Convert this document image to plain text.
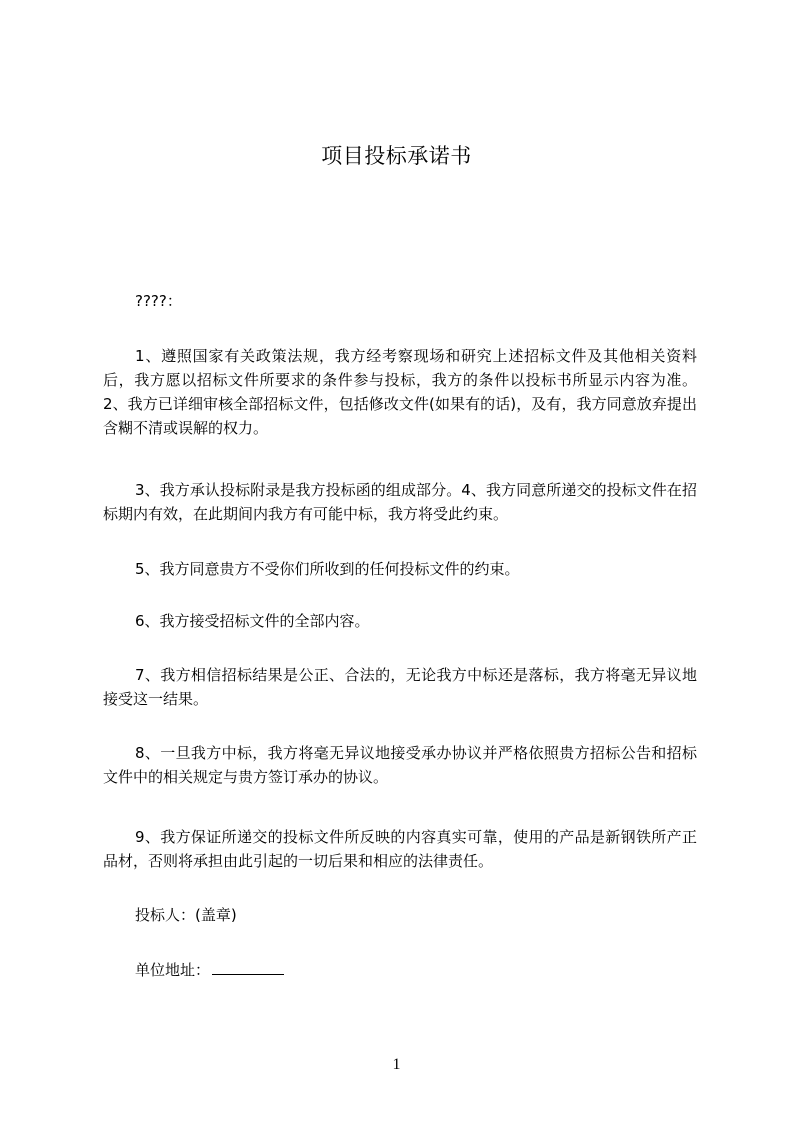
项目投标承诺书
????：
1、遵照国家有关政策法规，我方经考察现场和研究上述招标文件及其他相关资料后，我方愿以招标文件所要求的条件参与投标，我方的条件以投标书所显示内容为准。2、我方已详细审核全部招标文件，包括修改文件(如果有的话)，及有，我方同意放弃提出含糊不清或误解的权力。
3、我方承认投标附录是我方投标函的组成部分。4、我方同意所递交的投标文件在招标期内有效，在此期间内我方有可能中标，我方将受此约束。
5、我方同意贵方不受你们所收到的任何投标文件的约束。
6、我方接受招标文件的全部内容。
7、我方相信招标结果是公正、合法的，无论我方中标还是落标，我方将毫无异议地接受这一结果。
8、一旦我方中标，我方将毫无异议地接受承办协议并严格依照贵方招标公告和招标文件中的相关规定与贵方签订承办的协议。
9、我方保证所递交的投标文件所反映的内容真实可靠，使用的产品是新钢铁所产正品材，否则将承担由此引起的一切后果和相应的法律责任。
投标人：(盖章)
单位地址：
1
